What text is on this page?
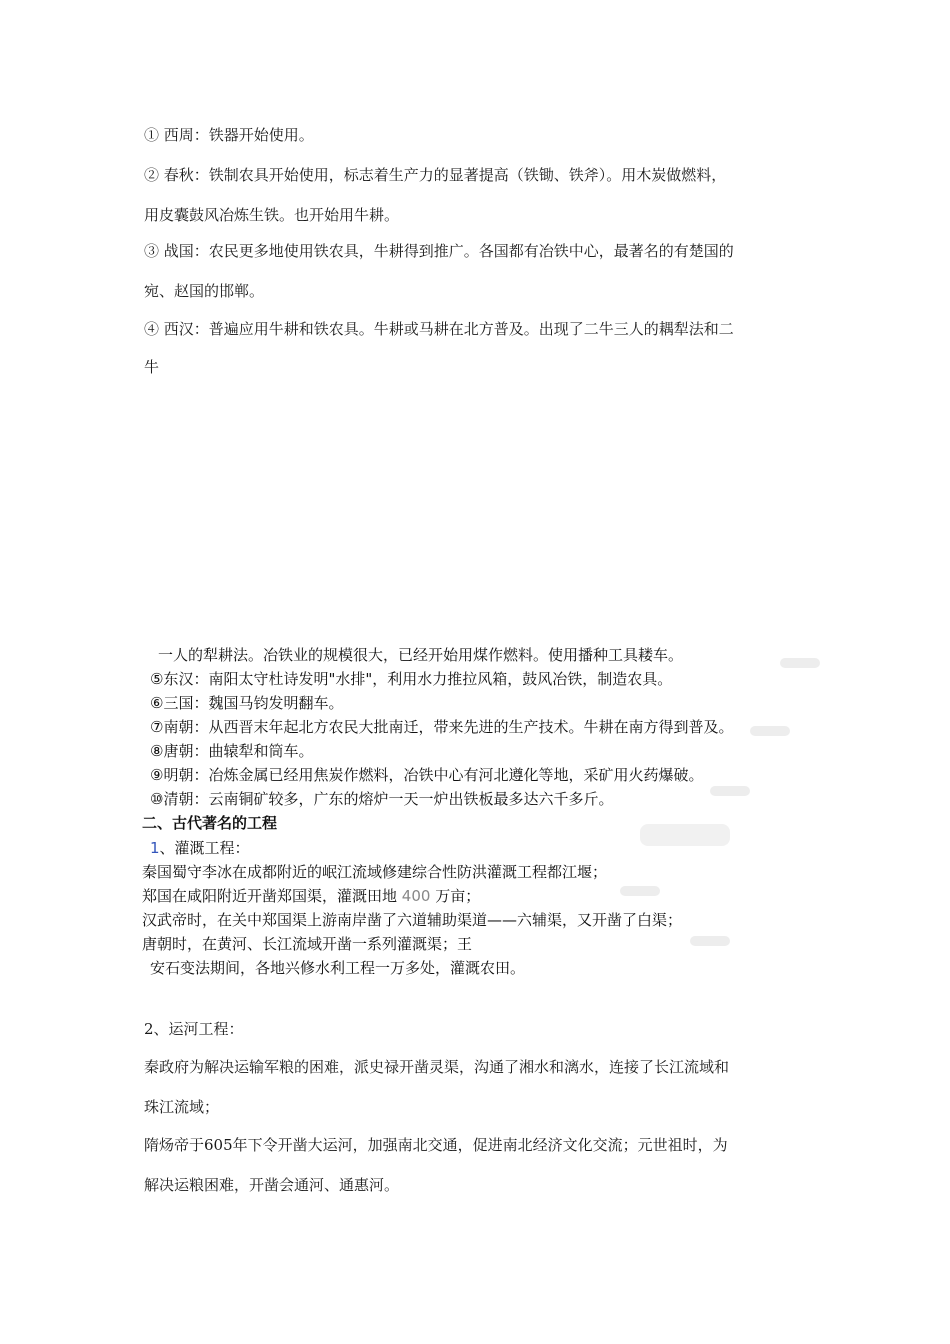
① 西周：铁器开始使用。
② 春秋：铁制农具开始使用，标志着生产力的显著提高（铁锄、铁斧）。用木炭做燃料，
用皮囊鼓风冶炼生铁。也开始用牛耕。
③ 战国：农民更多地使用铁农具，牛耕得到推广。各国都有冶铁中心，最著名的有楚国的
宛、赵国的邯郸。
④ 西汉：普遍应用牛耕和铁农具。牛耕或马耕在北方普及。出现了二牛三人的耦犁法和二
牛
一人的犁耕法。冶铁业的规模很大，已经开始用煤作燃料。使用播种工具耧车。
⑤东汉：南阳太守杜诗发明"水排"，利用水力推拉风箱，鼓风冶铁，制造农具。
⑥三国：魏国马钧发明翻车。
⑦南朝：从西晋末年起北方农民大批南迁，带来先进的生产技术。牛耕在南方得到普及。
⑧唐朝：曲辕犁和筒车。
⑨明朝：冶炼金属已经用焦炭作燃料，冶铁中心有河北遵化等地，采矿用火药爆破。
⑩清朝：云南铜矿较多，广东的熔炉一天一炉出铁板最多达六千多斤。
二、古代著名的工程
1、灌溉工程：
秦国蜀守李冰在成都附近的岷江流域修建综合性防洪灌溉工程都江堰；
郑国在咸阳附近开凿郑国渠，灌溉田地 400 万亩；
汉武帝时，在关中郑国渠上游南岸凿了六道辅助渠道——六辅渠，又开凿了白渠；
唐朝时，在黄河、长江流域开凿一系列灌溉渠；王
安石变法期间，各地兴修水利工程一万多处，灌溉农田。
2、运河工程：
秦政府为解决运输军粮的困难，派史禄开凿灵渠，沟通了湘水和漓水，连接了长江流域和
珠江流域；
隋炀帝于605年下令开凿大运河，加强南北交通，促进南北经济文化交流；元世祖时，为
解决运粮困难，开凿会通河、通惠河。
